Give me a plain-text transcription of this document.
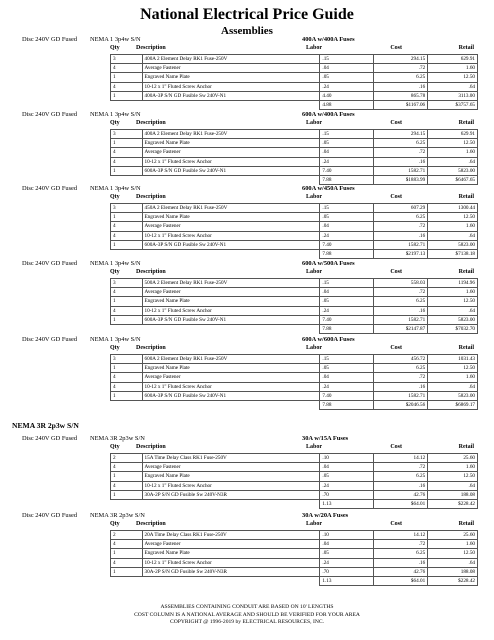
National Electrical Price Guide
Assemblies
Disc 240V GD Fused NEMA 1 3p4w S/N	400A w/400A Fuses
Qty	Description	Labor	Cost	Retail
3	400A 2 Element Delay RK1 Fuse-250V	.15	294.15	629.91
4	Average Fastener	.04	.72	1.60
1	Engraved Name Plate	.05	6.25	12.50
4	10-12 x 1" Fluted Screw Anchor	.24	.16	.64
1	400A-3P S/N GD Fusible Sw 240V-N1	4.40	865.78	3113.00
		4.88	$1167.06	$3757.65
Disc 240V GD Fused NEMA 1 3p4w S/N	600A w/400A Fuses
Qty	Description	Labor	Cost	Retail
3	400A 2 Element Delay RK1 Fuse-250V	.15	294.15	629.91
1	Engraved Name Plate	.05	6.25	12.50
4	Average Fastener	.04	.72	1.60
4	10-12 x 1" Fluted Screw Anchor	.24	.16	.64
1	600A-3P S/N GD Fusible Sw 240V-N1	7.40	1582.71	5823.00
		7.88	$1883.99	$6467.65
Disc 240V GD Fused NEMA 1 3p4w S/N	600A w/450A Fuses
Qty	Description	Labor	Cost	Retail
3	450A 2 Element Delay RK1 Fuse-250V	.15	607.29	1300.44
1	Engraved Name Plate	.05	6.25	12.50
4	Average Fastener	.04	.72	1.60
4	10-12 x 1" Fluted Screw Anchor	.24	.16	.64
1	600A-3P S/N GD Fusible Sw 240V-N1	7.40	1582.71	5823.00
		7.88	$2197.13	$7138.18
Disc 240V GD Fused NEMA 1 3p4w S/N	600A w/500A Fuses
Qty	Description	Labor	Cost	Retail
3	500A 2 Element Delay RK1 Fuse-250V	.15	558.03	1194.96
4	Average Fastener	.04	.72	1.60
1	Engraved Name Plate	.05	6.25	12.50
4	10-12 x 1" Fluted Screw Anchor	.24	.16	.64
1	600A-3P S/N GD Fusible Sw 240V-N1	7.40	1582.71	5823.00
		7.88	$2147.87	$7032.70
Disc 240V GD Fused NEMA 1 3p4w S/N	600A w/600A Fuses
Qty	Description	Labor	Cost	Retail
3	600A 2 Element Delay RK1 Fuse-250V	.15	456.72	1031.43
1	Engraved Name Plate	.05	6.25	12.50
4	Average Fastener	.04	.72	1.60
4	10-12 x 1" Fluted Screw Anchor	.24	.16	.64
1	600A-3P S/N GD Fusible Sw 240V-N1	7.40	1582.71	5823.00
		7.88	$2046.56	$6869.17
NEMA 3R 2p3w S/N
Disc 240V GD Fused NEMA 3R 2p3w S/N	30A w/15A Fuses
Qty	Description	Labor	Cost	Retail
2	15A Time Delay Class RK1 Fuse-250V	.10	14.12	25.60
4	Average Fastener	.04	.72	1.60
1	Engraved Name Plate	.05	6.25	12.50
4	10-12 x 1" Fluted Screw Anchor	.24	.16	.64
1	30A-2P S/N GD Fusible Sw 240V-N3R	.70	42.76	188.08
		1.13	$64.01	$228.42
Disc 240V GD Fused NEMA 3R 2p3w S/N	30A w/20A Fuses
Qty	Description	Labor	Cost	Retail
2	20A Time Delay Class RK1 Fuse-250V	.10	14.12	25.60
4	Average Fastener	.04	.72	1.60
1	Engraved Name Plate	.05	6.25	12.50
4	10-12 x 1" Fluted Screw Anchor	.24	.16	.64
1	30A-2P S/N GD Fusible Sw 240V-N3R	.70	42.76	188.08
		1.13	$64.01	$228.42
ASSEMBLIES CONTAINING CONDUIT ARE BASED ON 10' LENGTHS
COST COLUMN IS A NATIONAL AVERAGE AND SHOULD BE VERIFIED FOR YOUR AREA
COPYRIGHT @ 1996-2019 by ELECTRICAL RESOURCES, INC.
